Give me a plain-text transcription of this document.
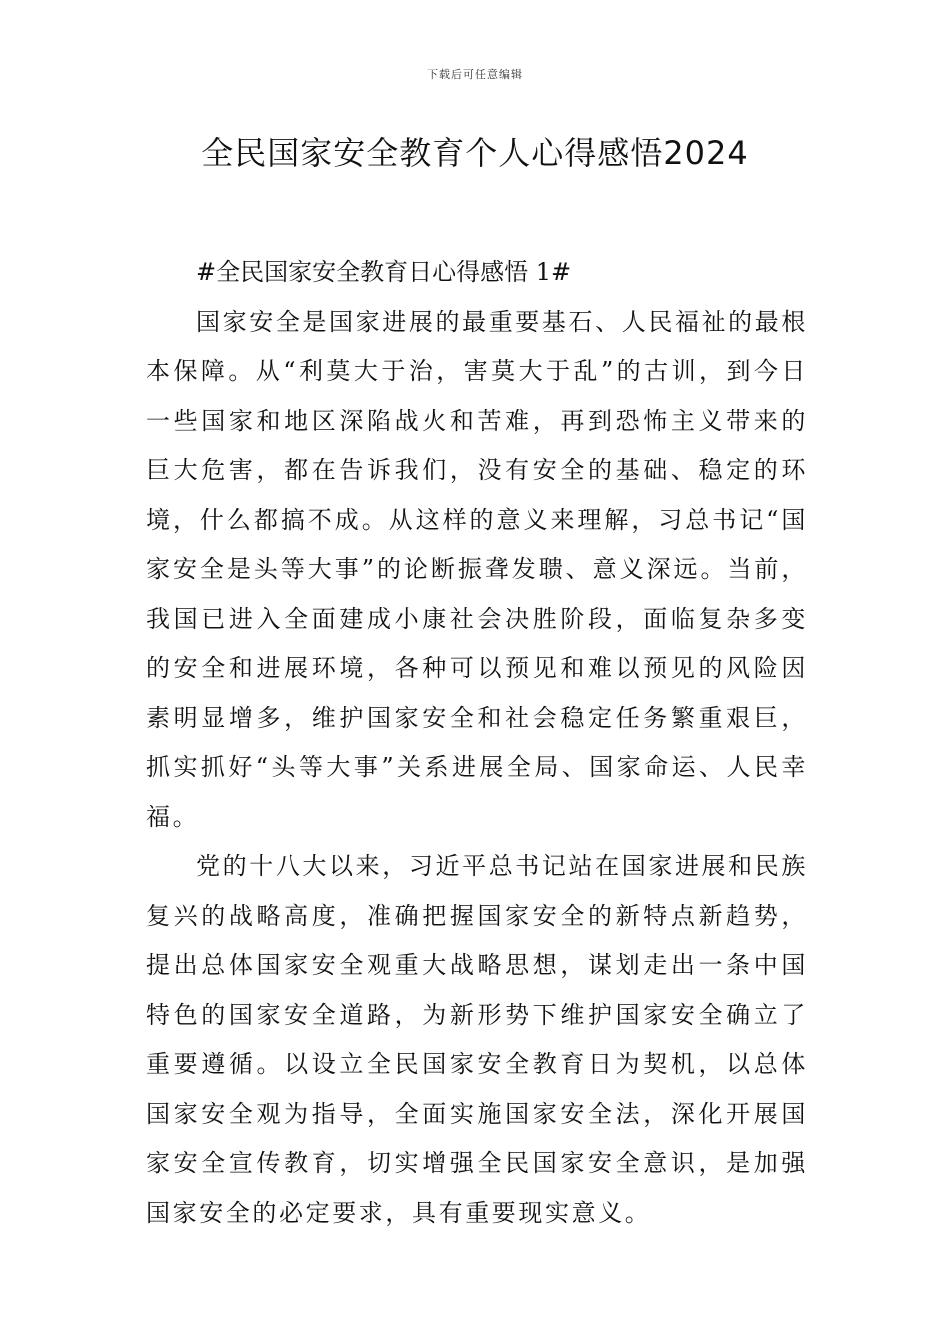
下载后可任意编辑
全民国家安全教育个人心得感悟2024

#全民国家安全教育日心得感悟 1#

国家安全是国家进展的最重要基石、人民福祉的最根本保障。从“利莫大于治，害莫大于乱”的古训，到今日一些国家和地区深陷战火和苦难，再到恐怖主义带来的巨大危害，都在告诉我们，没有安全的基础、稳定的环境，什么都搞不成。从这样的意义来理解，习总书记“国家安全是头等大事”的论断振聋发聩、意义深远。当前，我国已进入全面建成小康社会决胜阶段，面临复杂多变的安全和进展环境，各种可以预见和难以预见的风险因素明显增多，维护国家安全和社会稳定任务繁重艰巨，抓实抓好“头等大事”关系进展全局、国家命运、人民幸福。

党的十八大以来，习近平总书记站在国家进展和民族复兴的战略高度，准确把握国家安全的新特点新趋势，提出总体国家安全观重大战略思想，谋划走出一条中国特色的国家安全道路，为新形势下维护国家安全确立了重要遵循。以设立全民国家安全教育日为契机，以总体国家安全观为指导，全面实施国家安全法，深化开展国家安全宣传教育，切实增强全民国家安全意识，是加强国家安全的必定要求，具有重要现实意义。
